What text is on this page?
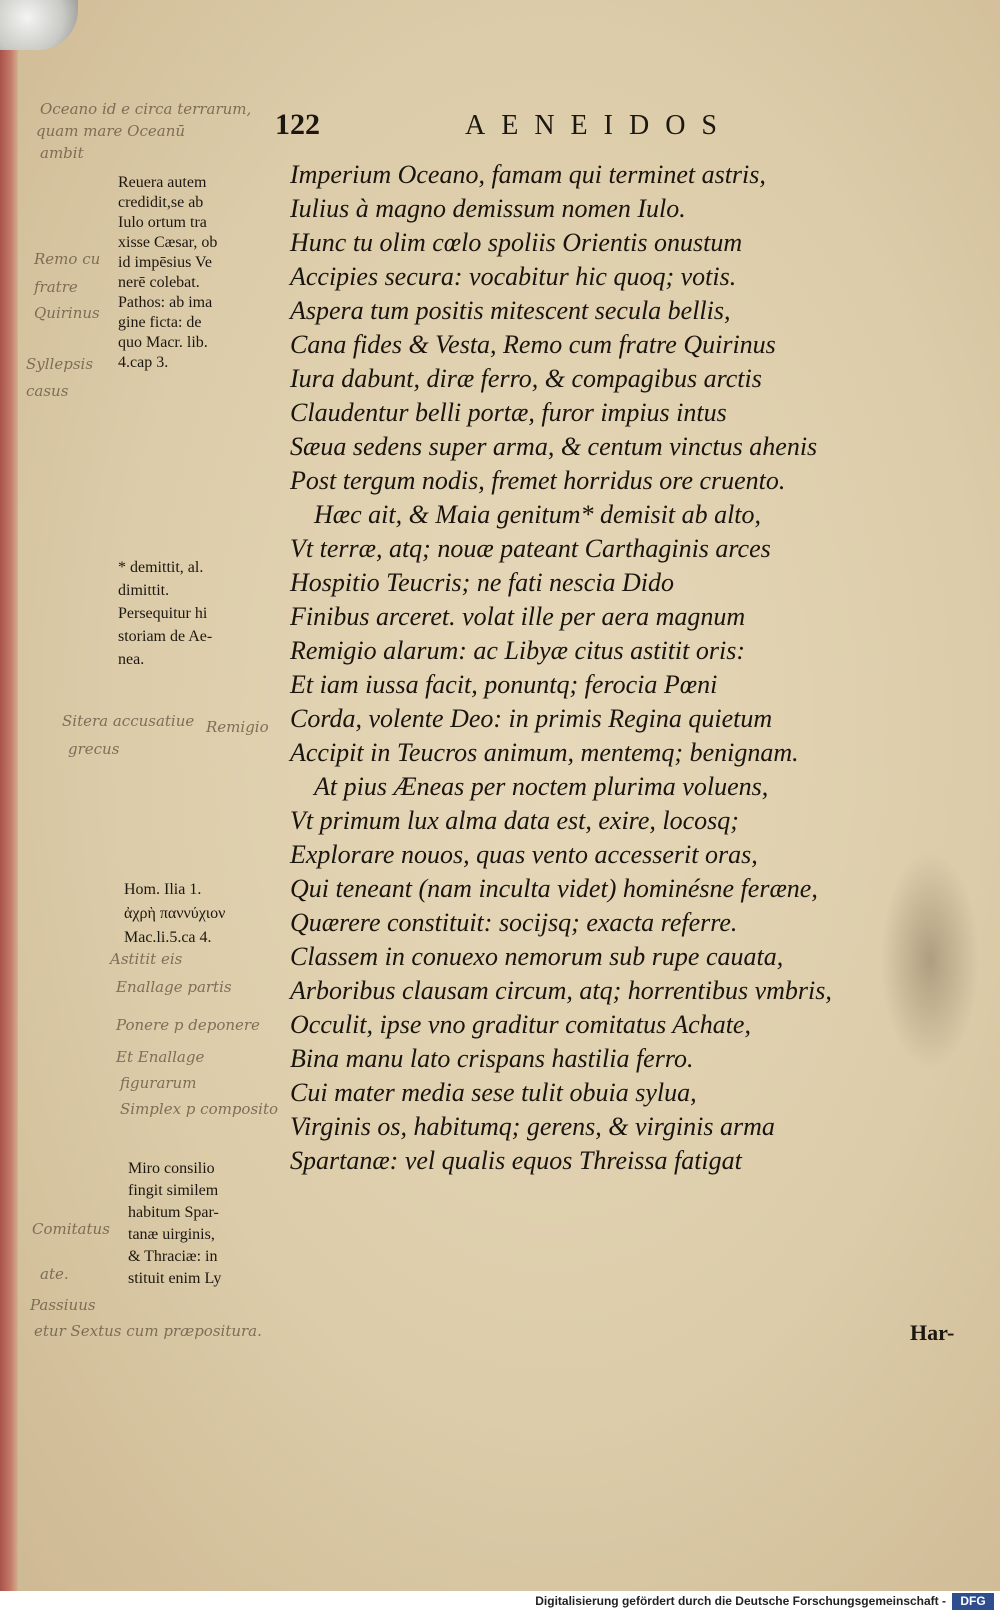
122	AENEIDOS
Oceano id e circa terrarum,
quam mare Oceanū
ambit
Remo cu
fratre
Quirinus
Syllepsis
casus
Remigio
Sitera accusatiue
grecus
Astitit eis
Enallage partis
Ponere p deponere
Et Enallage
figurarum
Simplex p composito
Comitatus
ate.
Passiuus
etur Sextus cum præpositura.
Reuera autem
credidit,se ab
Iulo ortum tra
xisse Cæsar, ob
id impēsius Ve
nerē colebat.
Pathos: ab ima
gine ficta: de
quo Macr. lib.
4.cap 3.
* demittit, al.
dimittit.
Persequitur hi
storiam de Ae-
nea.
Hom. Ilia 1.
ἀχρὴ παννύχιον
Mac.li.5.ca 4.
Miro consilio
fingit similem
habitum Spar-
tanæ uirginis,
& Thraciæ: in
stituit enim Ly
Imperium Oceano, famam qui terminet astris,
Iulius à magno demissum nomen Iulo.
Hunc tu olim cœlo spoliis Orientis onustum
Accipies secura: vocabitur hic quoq; votis.
Aspera tum positis mitescent secula bellis,
Cana fides & Vesta, Remo cum fratre Quirinus
Iura dabunt, diræ ferro, & compagibus arctis
Claudentur belli portæ, furor impius intus
Sæua sedens super arma, & centum vinctus ahenis
Post tergum nodis, fremet horridus ore cruento.
Hæc ait, & Maia genitum* demisit ab alto,
Vt terræ, atq; nouæ pateant Carthaginis arces
Hospitio Teucris; ne fati nescia Dido
Finibus arceret. volat ille per aera magnum
Remigio alarum: ac Libyæ citus astitit oris:
Et iam iussa facit, ponuntq; ferocia Pœni
Corda, volente Deo: in primis Regina quietum
Accipit in Teucros animum, mentemq; benignam.
At pius Æneas per noctem plurima voluens,
Vt primum lux alma data est, exire, locosq;
Explorare nouos, quas vento accesserit oras,
Qui teneant (nam inculta videt) hominésne feræne,
Quærere constituit: socijsq; exacta referre.
Classem in conuexo nemorum sub rupe cauata,
Arboribus clausam circum, atq; horrentibus vmbris,
Occulit, ipse vno graditur comitatus Achate,
Bina manu lato crispans hastilia ferro.
Cui mater media sese tulit obuia sylua,
Virginis os, habitumq; gerens, & virginis arma
Spartanæ: vel qualis equos Threissa fatigat
Har-
Digitalisierung gefördert durch die Deutsche Forschungsgemeinschaft -	DFG
